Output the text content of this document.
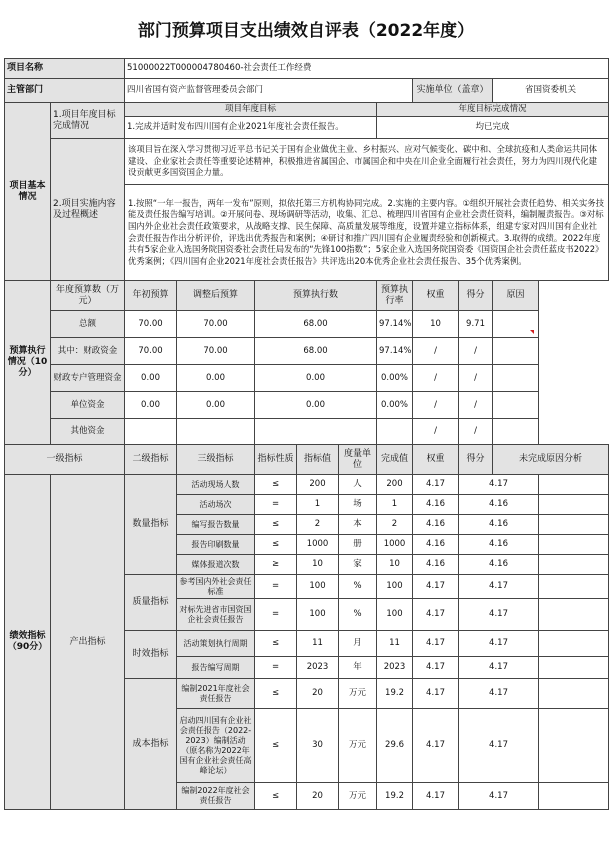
部门预算项目支出绩效自评表（2022年度）
项目名称		51000022T000004780460-社会责任工作经费									
主管部门		四川省国有资产监督管理委员会部门						实施单位（盖章）		省国资委机关	
项目基本情况	1.项目年度目标完成情况	项目年度目标					年度目标完成情况				
		1.完成并适时发布四川国有企业2021年度社会责任报告。					均已完成				
	2.项目实施内容及过程概述	该项目旨在深入学习贯彻习近平总书记关于国有企业做优主业、乡村振兴、应对气候变化、碳中和、全球抗疫和人类命运共同体建设、企业家社会责任等重要论述精神，积极推进省属国企、市属国企和中央在川企业全面履行社会责任，努力为四川现代化建设贡献更多国资国企力量。									
		1.按照“一年一报告，两年一发布”原则，拟依托第三方机构协同完成。2.实施的主要内容。①组织开展社会责任趋势、相关实务技能及责任报告编写培训。②开展问卷、现场调研等活动，收集、汇总、梳理四川省国有企业社会责任资料，编制履责报告。③对标国内外企业社会责任政策要求，从战略支撑、民生保障、高质量发展等维度，设置并建立指标体系，组建专家对四川国有企业社会责任报告作出分析评价，评选出优秀报告和案例；④研讨和推广四川国有企业履责经验和创新模式。3.取得的成绩。2022年度共有5家企业入选国务院国资委社会责任局发布的“先锋100指数”；5家企业入选国务院国资委《国资国企社会责任蓝皮书2022》优秀案例；《四川国有企业2021年度社会责任报告》共评选出20本优秀企业社会责任报告、35个优秀案例。									
预算执行情况（10分）	年度预算数（万元）	年初预算	调整后预算	预算执行数			预算执行率	权重	得分	原因	
	总额	70.00	70.00	68.00			97.14%	10	9.71		
	其中：财政资金	70.00	70.00	68.00			97.14%	/	/		
	财政专户管理资金	0.00	0.00	0.00			0.00%	/	/		
	单位资金	0.00	0.00	0.00			0.00%	/	/		
	其他资金							/	/		
一级指标		二级指标	三级指标	指标性质	指标值	度量单位	完成值	权重	得分	未完成原因分析	
绩效指标（90分）	产出指标	数量指标	活动现场人数	≤	200	人	200	4.17	4.17		
			活动场次	=	1	场	1	4.16	4.16		
			编写报告数量	≤	2	本	2	4.16	4.16		
			报告印刷数量	≤	1000	册	1000	4.16	4.16		
			媒体报道次数	≥	10	家	10	4.16	4.16		
		质量指标	参考国内外社会责任标准	=	100	%	100	4.17	4.17		
			对标先进省市国资国企社会责任报告	=	100	%	100	4.17	4.17		
		时效指标	活动策划执行周期	≤	11	月	11	4.17	4.17		
			报告编写周期	=	2023	年	2023	4.17	4.17		
		成本指标	编制2021年度社会责任报告	≤	20	万元	19.2	4.17	4.17		
			启动四川国有企业社会责任报告（2022-2023）编制活动（原名称为2022年国有企业社会责任高峰论坛）	≤	30	万元	29.6	4.17	4.17		
			编制2022年度社会责任报告	≤	20	万元	19.2	4.17	4.17		
